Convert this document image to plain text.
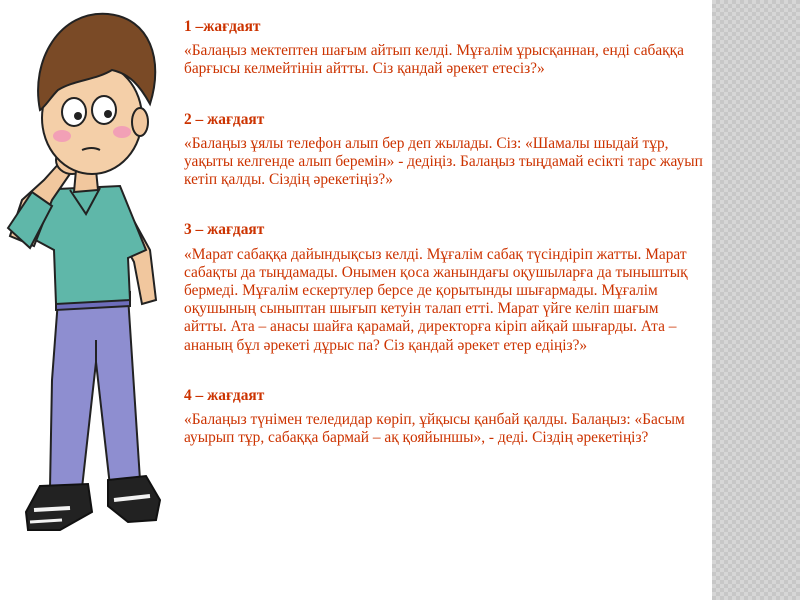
1 –жағдаят
«Балаңыз мектептен шағым айтып келді. Мұғалім ұрысқаннан, енді сабаққа барғысы келмейтінін айтты. Сіз қандай әрекет етесіз?»
2 – жағдаят
«Балаңыз ұялы телефон алып бер деп жылады. Сіз: «Шамалы шыдай тұр, уақыты келгенде алып беремін» - дедіңіз. Балаңыз тыңдамай есікті тарс жауып кетіп қалды. Сіздің әрекетіңіз?»
3 – жағдаят
«Марат сабаққа дайындықсыз келді. Мұғалім сабақ түсіндіріп жатты. Марат сабақты да тыңдамады. Онымен қоса жанындағы оқушыларға да тыныштық бермеді. Мұғалім ескертулер берсе де қорытынды шығармады. Мұғалім оқушының сыныптан шығып кетуін талап етті. Марат үйге келіп шағым айтты. Ата – анасы шайға қарамай, директорға кіріп айқай шығарды. Ата – ананың бұл әрекеті дұрыс па? Сіз қандай әрекет етер едіңіз?»
4 – жағдаят
«Балаңыз түнімен теледидар көріп, ұйқысы қанбай қалды. Балаңыз: «Басым ауырып тұр, сабаққа бармай – ақ қояйыншы», - деді. Сіздің әрекетіңіз?
